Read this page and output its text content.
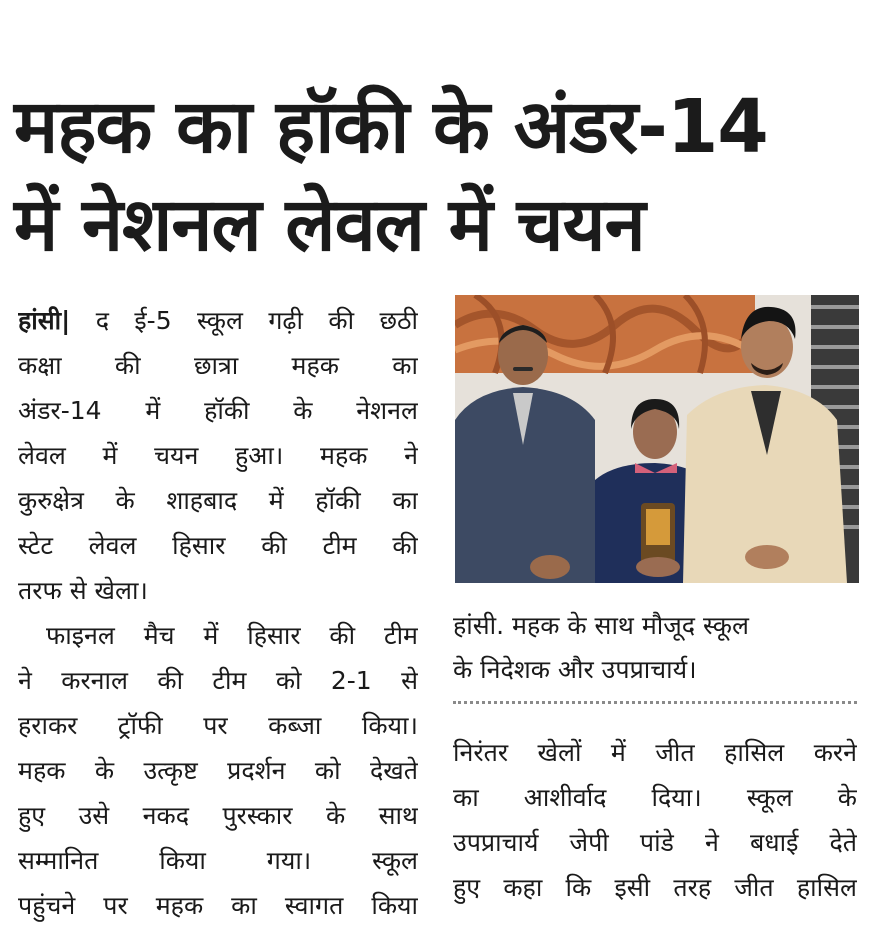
महक का हॉकी के अंडर-14
में नेशनल लेवल में चयन
हांसी| द ई-5 स्कूल गढ़ी की छठी
कक्षा की छात्रा महक का
अंडर-14 में हॉकी के नेशनल
लेवल में चयन हुआ। महक ने
कुरुक्षेत्र के शाहबाद में हॉकी का
स्टेट लेवल हिसार की टीम की
तरफ से खेला।
फाइनल मैच में हिसार की टीम
ने करनाल की टीम को 2-1 से
हराकर ट्रॉफी पर कब्जा किया।
महक के उत्कृष्ट प्रदर्शन को देखते
हुए उसे नकद पुरस्कार के साथ
सम्मानित किया गया। स्कूल
पहुंचने पर महक का स्वागत किया
हांसी. महक के साथ मौजूद स्कूल
के निदेशक और उपप्राचार्य।
निरंतर खेलों में जीत हासिल करने
का आशीर्वाद दिया। स्कूल के
उपप्राचार्य जेपी पांडे ने बधाई देते
हुए कहा कि इसी तरह जीत हासिल
